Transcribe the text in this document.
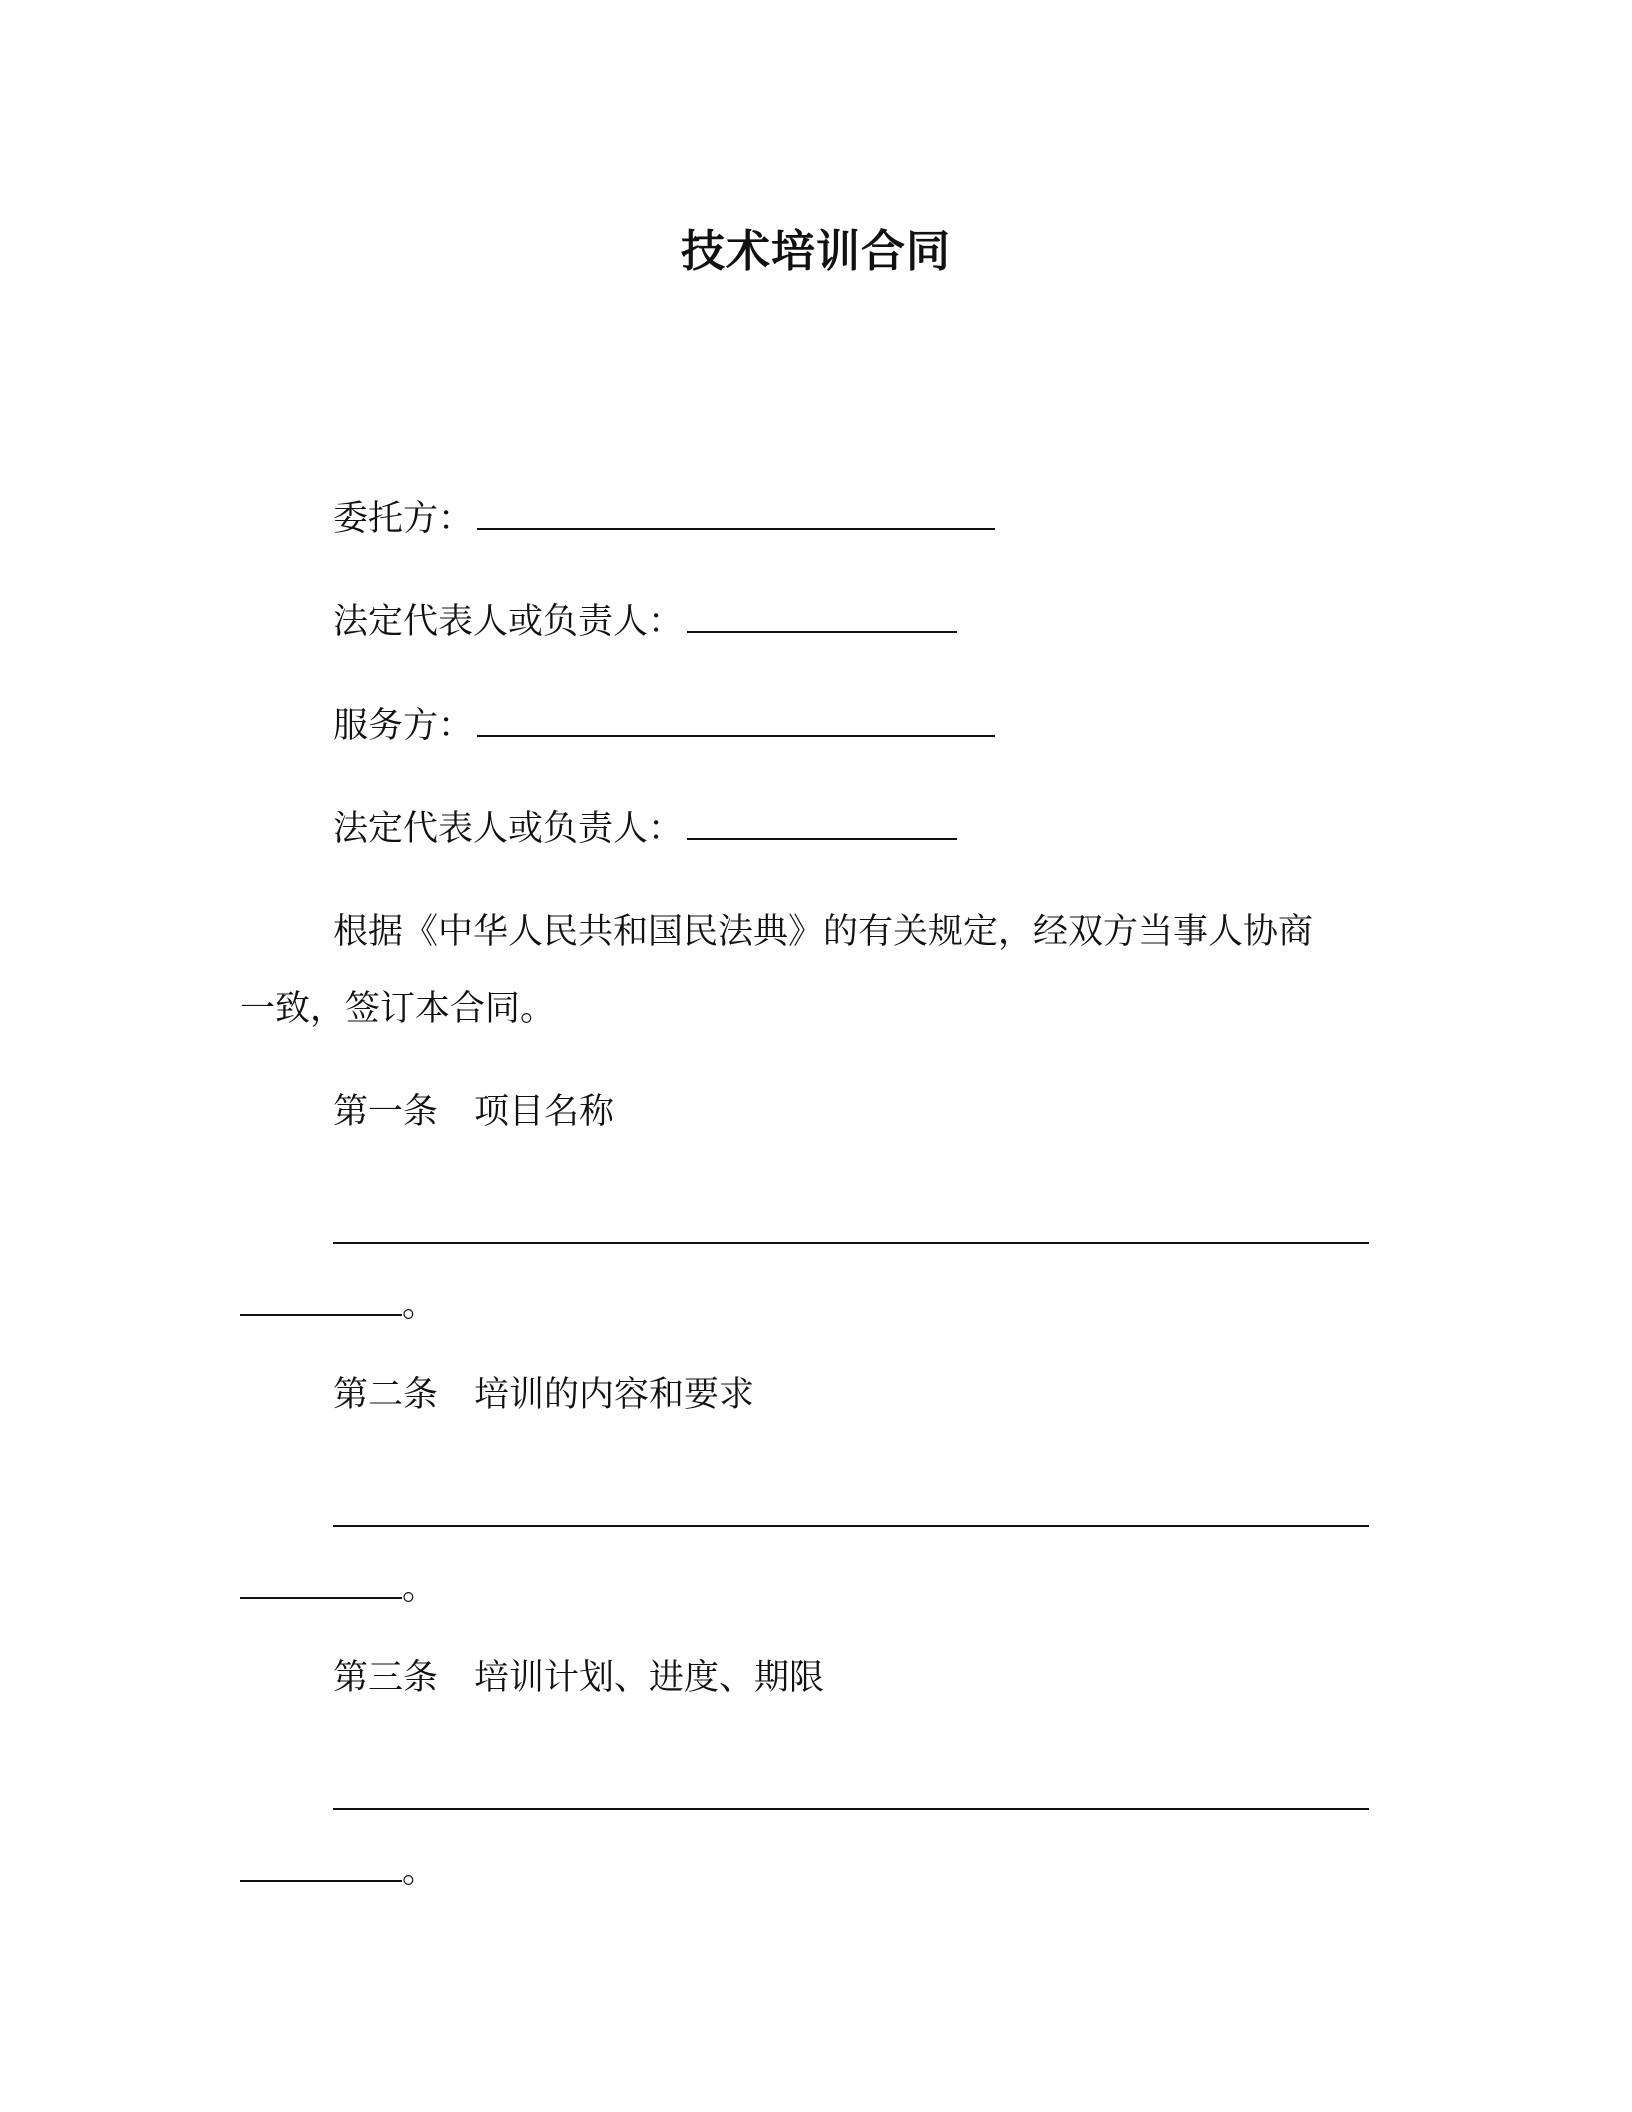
技术培训合同
委托方：
法定代表人或负责人：
服务方：
法定代表人或负责人：
根据《中华人民共和国民法典》的有关规定，经双方当事人协商
一致，签订本合同。
第一条 项目名称
。
第二条 培训的内容和要求
。
第三条 培训计划、进度、期限
。
